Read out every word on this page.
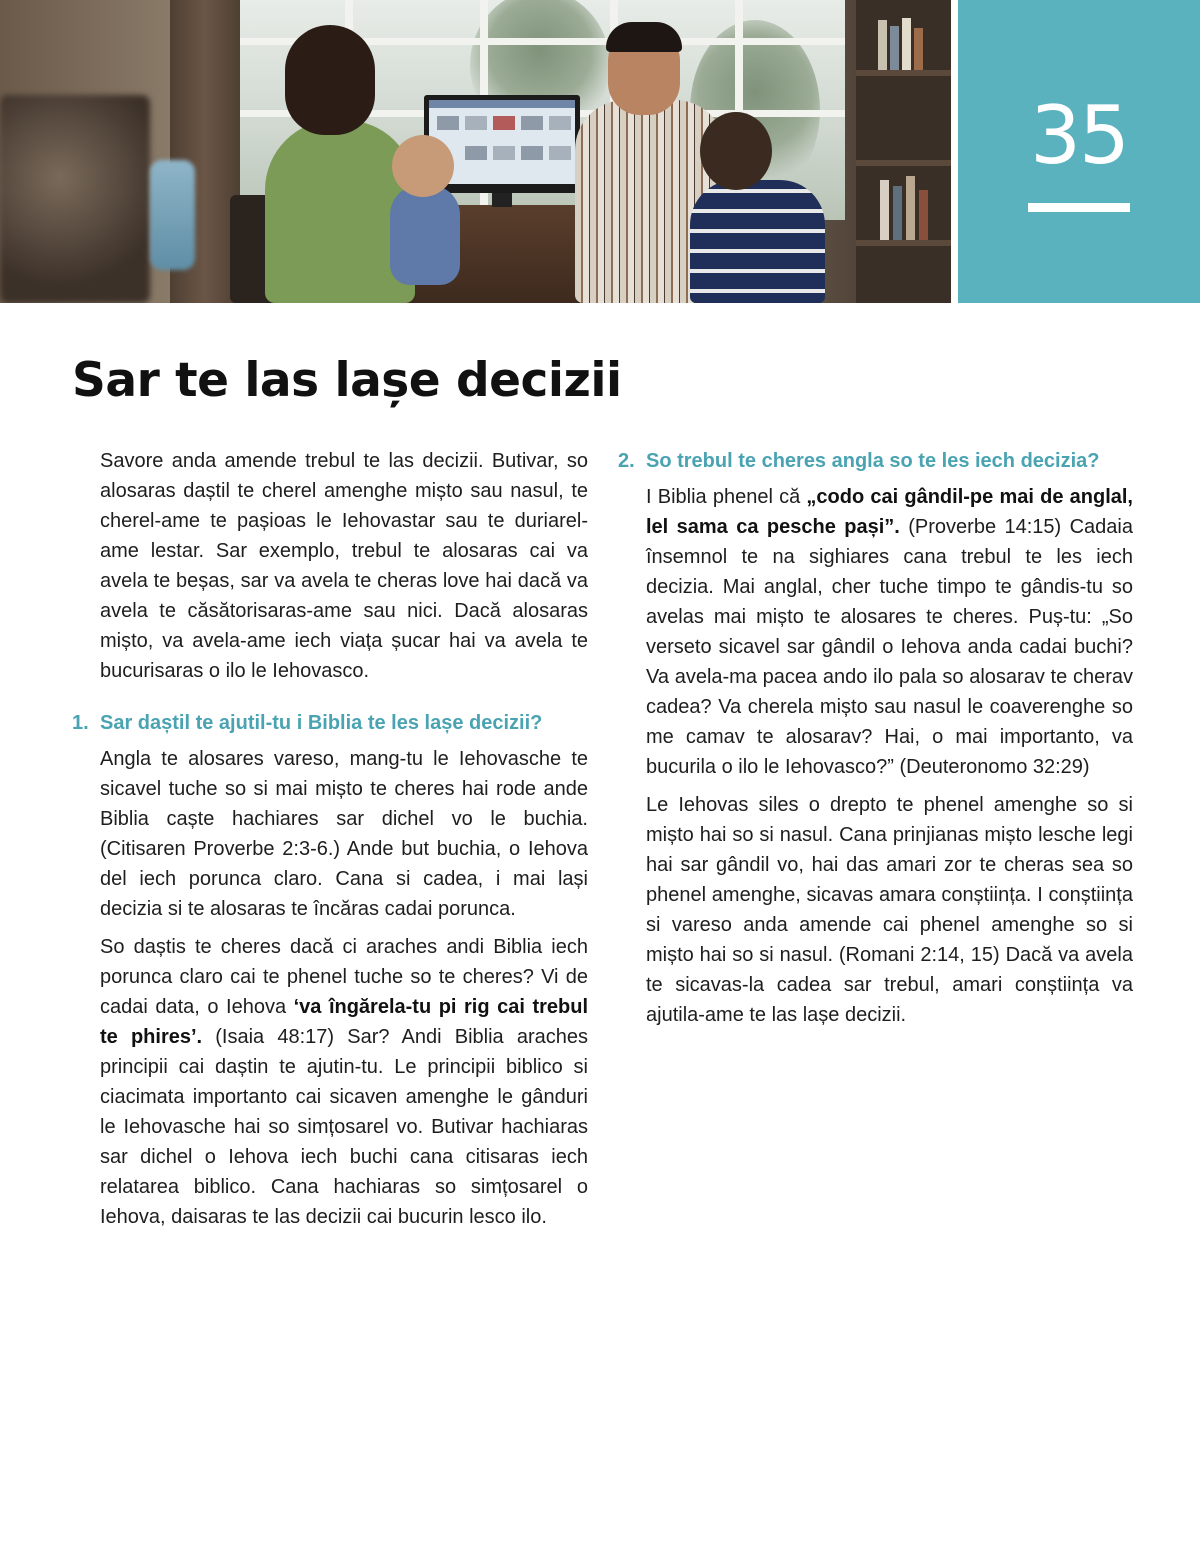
35
Sar te las lașe decizii

Savore anda amende trebul te las decizii. Butivar, so alosaras daștil te cherel amenghe mișto sau nasul, te cherel-ame te pașioas le Iehovastar sau te duriarel-ame lestar. Sar exemplo, trebul te alosaras cai va avela te beșas, sar va avela te cheras love hai dacă va avela te căsătorisaras-ame sau nici. Dacă alosaras mișto, va avela-ame iech viața șucar hai va avela te bucurisaras o ilo le Iehovasco.

1. Sar daștil te ajutil-tu i Biblia te les lașe decizii?

Angla te alosares vareso, mang-tu le Iehovasche te sicavel tuche so si mai mișto te cheres hai rode ande Biblia caște hachiares sar dichel vo le buchia. (Citisaren Proverbe 2:3-6.) Ande but buchia, o Iehova del iech porunca claro. Cana si cadea, i mai lași decizia si te alosaras te încăras cadai porunca.

So daștis te cheres dacă ci araches andi Biblia iech porunca claro cai te phenel tuche so te cheres? Vi de cadai data, o Iehova ‘va îngărela-tu pi rig cai trebul te phires’. (Isaia 48:17) Sar? Andi Biblia araches principii cai daștin te ajutin-tu. Le principii biblico si ciacimata importanto cai sicaven amenghe le gânduri le Iehovasche hai so simțosarel vo. Butivar hachiaras sar dichel o Iehova iech buchi cana citisaras iech relatarea biblico. Cana hachiaras so simțosarel o Iehova, daisaras te las decizii cai bucurin lesco ilo.

2. So trebul te cheres angla so te les iech decizia?

I Biblia phenel că „codo cai gândil-pe mai de anglal, lel sama ca pesche pași”. (Proverbe 14:15) Cadaia însemnol te na sighiares cana trebul te les iech decizia. Mai anglal, cher tuche timpo te gândis-tu so avelas mai mișto te alosares te cheres. Puș-tu: „So verseto sicavel sar gândil o Iehova anda cadai buchi? Va avela-ma pacea ando ilo pala so alosarav te cherav cadea? Va cherela mișto sau nasul le coaverenghe so me camav te alosarav? Hai, o mai importanto, va bucurila o ilo le Iehovasco?” (Deuteronomo 32:29)

Le Iehovas siles o drepto te phenel amenghe so si mișto hai so si nasul. Cana prinjianas mișto lesche legi hai sar gândil vo, hai das amari zor te cheras sea so phenel amenghe, sicavas amara conștiința. I conștiința si vareso anda amende cai phenel amenghe so si mișto hai so si nasul. (Romani 2:14, 15) Dacă va avela te sicavas-la cadea sar trebul, amari conștiința va ajutila-ame te las lașe decizii.
